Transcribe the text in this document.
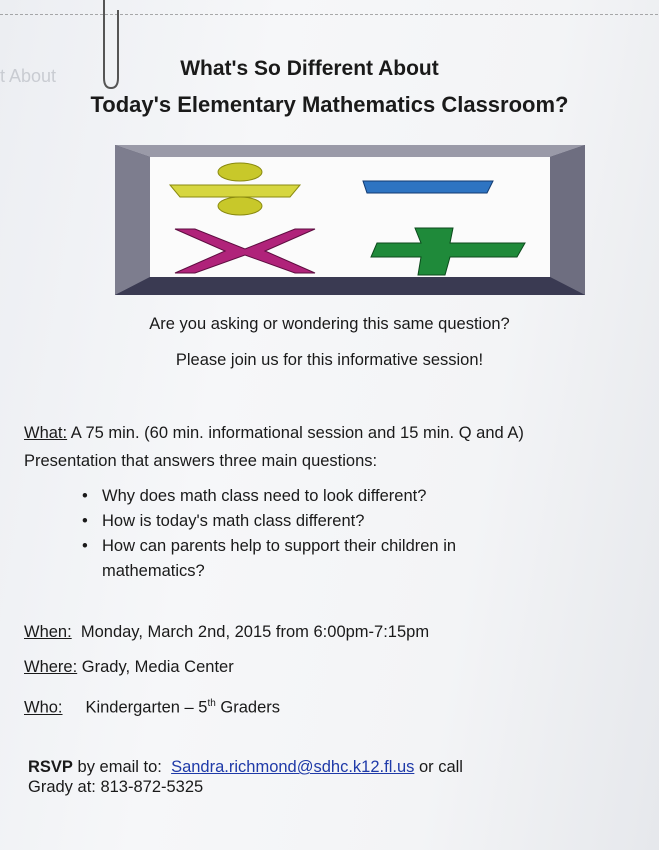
t About	What's So Different About
Today's Elementary Mathematics Classroom?
Are you asking or wondering this same question?
Please join us for this informative session!
What: A 75 min. (60 min. informational session and 15 min. Q and A)
Presentation that answers three main questions:
• Why does math class need to look different?
• How is today's math class different?
• How can parents help to support their children in mathematics?
When: Monday, March 2nd, 2015 from 6:00pm-7:15pm
Where: Grady, Media Center
Who: Kindergarten – 5th Graders
RSVP by email to:  Sandra.richmond@sdhc.k12.fl.us or call
Grady at: 813-872-5325
